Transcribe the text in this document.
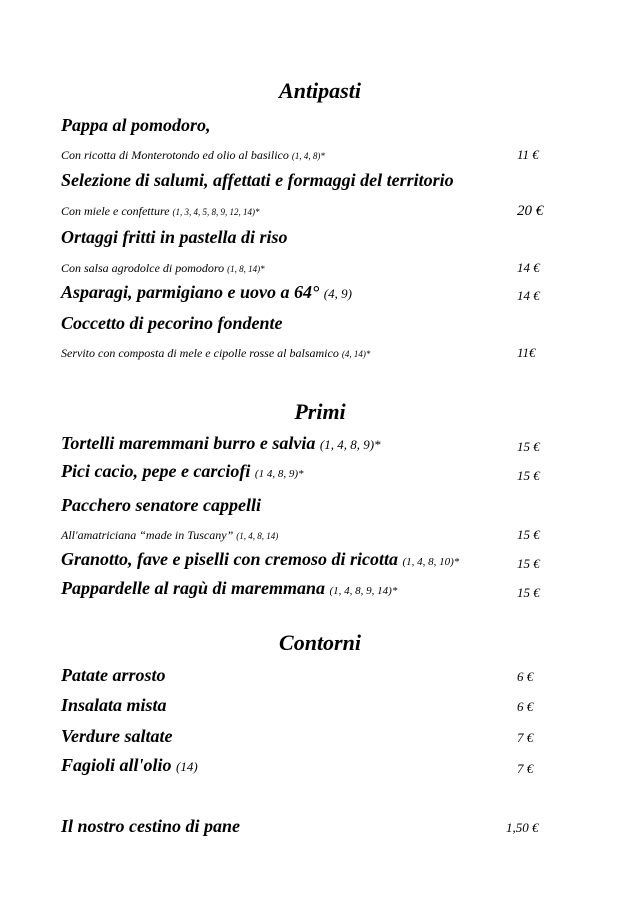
Antipasti
Pappa al pomodoro,
Con ricotta di Monterotondo ed olio al basilico (1, 4, 8)*	11 €
Selezione di salumi, affettati e formaggi del territorio
Con miele e confetture (1, 3, 4, 5, 8, 9, 12, 14)*	20 €
Ortaggi fritti in pastella di riso
Con salsa agrodolce di pomodoro (1, 8, 14)*	14 €
Asparagi, parmigiano e uovo a 64° (4, 9)	14 €
Coccetto di pecorino fondente
Servito con composta di mele e cipolle rosse al balsamico (4, 14)*	11€
Primi
Tortelli maremmani burro e salvia (1, 4, 8, 9)*	15 €
Pici cacio, pepe e carciofi (1 4, 8, 9)*	15 €
Pacchero senatore cappelli
All'amatriciana “made in Tuscany” (1, 4, 8, 14)	15 €
Granotto, fave e piselli con cremoso di ricotta (1, 4, 8, 10)*	15 €
Pappardelle al ragù di maremmana (1, 4, 8, 9, 14)*	15 €
Contorni
Patate arrosto	6 €
Insalata mista	6 €
Verdure saltate	7 €
Fagioli all'olio (14)	7 €
Il nostro cestino di pane	1,50 €
